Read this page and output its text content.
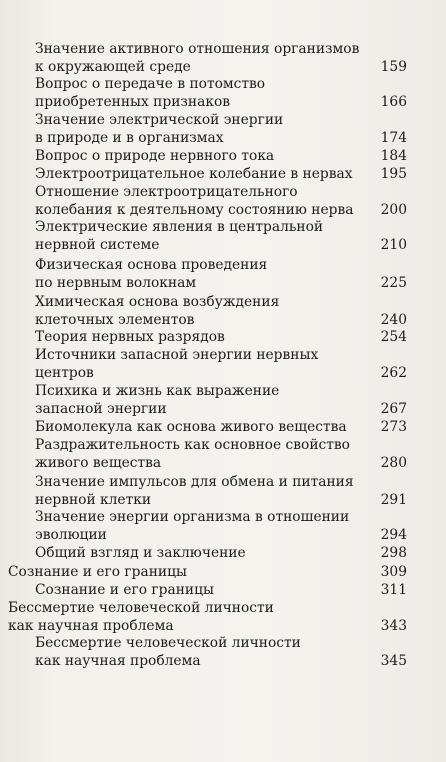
Значение активного отношения организмов
к окружающей среде	159
Вопрос о передаче в потомство
приобретенных признаков	166
Значение электрической энергии
в природе и в организмах	174
Вопрос о природе нервного тока	184
Электроотрицательное колебание в нервах 195
Отношение электроотрицательного
колебания к деятельному состоянию нерва 200
Электрические явления в центральной
нервной системе	210
Физическая основа проведения
по нервным волокнам	225
Химическая основа возбуждения
клеточных элементов	240
Теория нервных разрядов	254
Источники запасной энергии нервных
центров	262
Психика и жизнь как выражение
запасной энергии	267
Биомолекула как основа живого вещества 273
Раздражительность как основное свойство
живого вещества	280
Значение импульсов для обмена и питания
нервной клетки	291
Значение энергии организма в отношении
эволюции	294
Общий взгляд и заключение	298
Сознание и его границы	309
Сознание и его границы	311
Бессмертие человеческой личности
как научная проблема	343
Бессмертие человеческой личности
как научная проблема	345
